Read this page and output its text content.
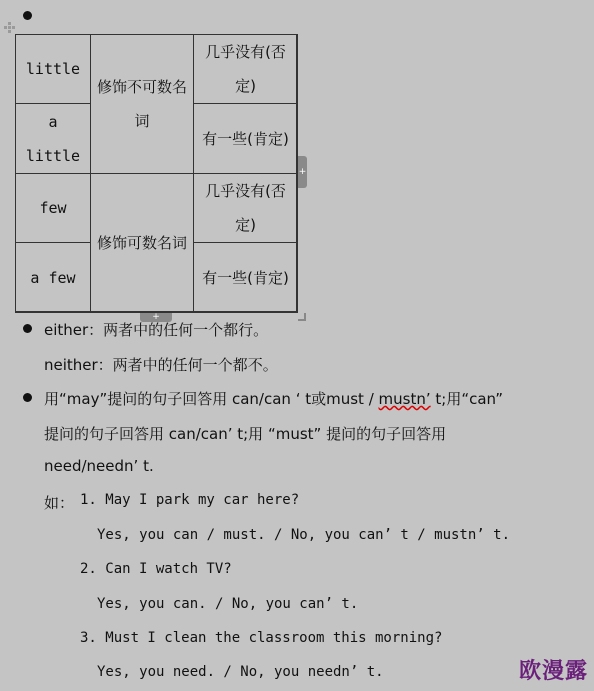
little	修饰不可数名词	几乎没有(否定)
a little		有一些(肯定)
few	修饰可数名词	几乎没有(否定)
a few		有一些(肯定)
+
+
either：两者中的任何一个都行。
neither：两者中的任何一个都不。
用“may”提问的句子回答用 can/can ‘ t或must / mustn’ t;用“can”
提问的句子回答用 can/can’ t;用 “must” 提问的句子回答用
need/needn’ t.
如： 1. May I park my car here?
Yes, you can / must. / No, you can’ t / mustn’ t.
2. Can I watch TV?
Yes, you can. / No, you can’ t.
3. Must I clean the classroom this morning?
Yes, you need. / No, you needn’ t.	欧漫露
